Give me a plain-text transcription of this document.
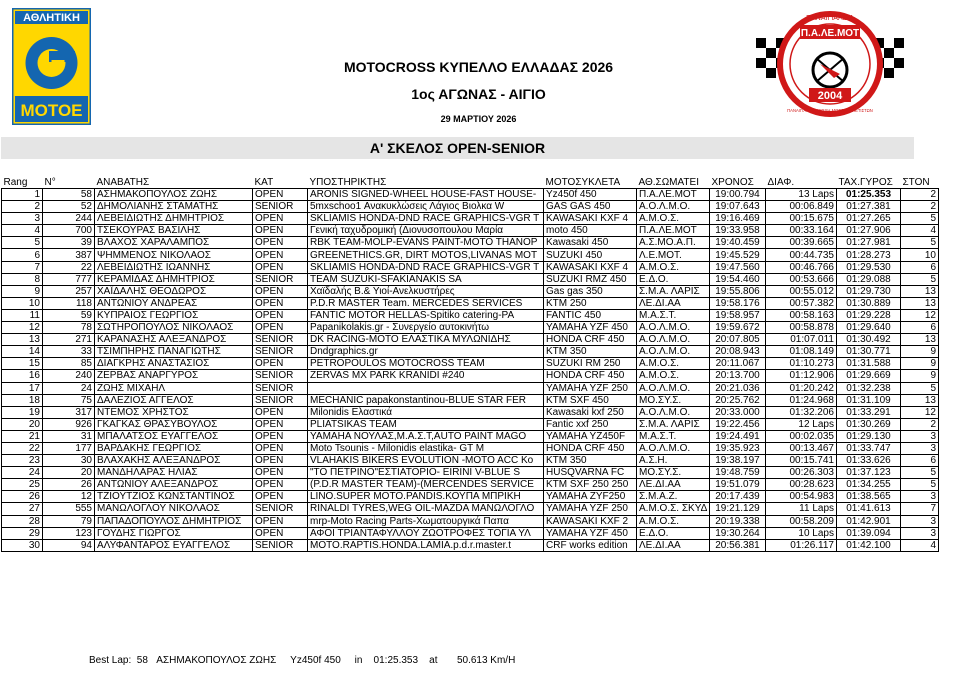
ΑΘΛΗΤΙΚΗ
MOTOE
ΠΑΝΑΙΓΙΑΛΕΙΑ
Π.Α.ΛΕ.ΜΟΤ
2004
ΠΑΝΑΙΓΙΑΛΕΙΑ ΛΕΣΧΗ ΜΟΤΟΣΥΚΛΕΤΙΣΤΩΝ
MOTOCROSS ΚΥΠΕΛΛΟ ΕΛΛΑΔΑΣ 2026
1ος ΑΓΩΝΑΣ - ΑΙΓΙΟ
29 ΜΑΡΤΙΟΥ 2026
Α' ΣΚΕΛΟΣ OPEN-SENIOR
Rang	N°	ΑΝΑΒΑΤΗΣ	ΚΑΤ	ΥΠΟΣΤΗΡΙΚΤΗΣ	ΜΟΤΟΣΥΚΛΕΤΑ	ΑΘ.ΣΩΜΑΤΕΙ	ΧΡΟΝΟΣ	ΔΙΑΦ.	ΤΑΧ.ΓΥΡΟΣ	ΣΤΟΝ
1	58	ΑΣΗΜΑΚΟΠΟΥΛΟΣ ΖΩΗΣ	OPEN	ARONIS SIGNED-WHEEL HOUSE-FAST HOUSE-	Yz450f 450	Π.Α.ΛΕ.ΜΟΤ	19:00.794	13 Laps	01:25.353	2
2	52	ΔΗΜΟΛΙΑΝΗΣ ΣΤΑΜΑΤΗΣ	SENIOR	5mxschoo1 Ανακυκλώσεις Λάγιος Βιολκα W	GAS GAS 450	Α.Ο.Λ.Μ.Ο.	19:07.643	00:06.849	01:27.381	2
3	244	ΛΕΒΕΙΔΙΩΤΗΣ ΔΗΜΗΤΡΙΟΣ	OPEN	SKLIAMIS HONDA-DND RACE GRAPHICS-VGR T	KAWASAKI KXF 4	Α.Μ.Ο.Σ.	19:16.469	00:15.675	01:27.265	5
4	700	ΤΣΕΚΟΥΡΑΣ ΒΑΣΙΛΗΣ	OPEN	Γενική ταχυδρομική (Διονυσοπουλου Μαρία	moto 450	Π.Α.ΛΕ.ΜΟΤ	19:33.958	00:33.164	01:27.906	4
5	39	ΒΛΑΧΟΣ ΧΑΡΑΛΑΜΠΟΣ	OPEN	RBK TEAM-MOLP-EVANS PAINT-MOTO THANOP	Kawasaki 450	Α.Σ.ΜΟ.Α.Π.	19:40.459	00:39.665	01:27.981	5
6	387	ΨΗΜΜΕΝΟΣ ΝΙΚΟΛΑΟΣ	OPEN	GREENETHICS.GR, DIRT MOTOS,LIVANAS MOT	SUZUKI 450	Λ.Ε.ΜΟΤ.	19:45.529	00:44.735	01:28.273	10
7	22	ΛΕΒΕΙΔΙΩΤΗΣ ΙΩΑΝΝΗΣ	OPEN	SKLIAMIS HONDA-DND RACE GRAPHICS-VGR T	KAWASAKI KXF 4	Α.Μ.Ο.Σ.	19:47.560	00:46.766	01:29.530	6
8	777	ΚΕΡΑΜΙΔΑΣ ΔΗΜΗΤΡΙΟΣ	SENIOR	TEAM SUZUKI-SFAKIANAKIS SA	SUZUKI RMZ 450	Ε.Δ.Ο.	19:54.460	00:53.666	01:29.088	5
9	257	ΧΑΪΔΑΛΗΣ ΘΕΟΔΩΡΟΣ	OPEN	Χαϊδαλής Β.& Υιοί-Ανελκυστήρες	Gas gas 350	Σ.Μ.Α. ΛΑΡΙΣ	19:55.806	00:55.012	01:29.730	13
10	118	ΑΝΤΩΝΙΟΥ ΑΝΔΡΕΑΣ	OPEN	P.D.R MASTER Team. MERCEDES SERVICES	KTM 250	ΛΕ.ΔΙ.ΑΑ	19:58.176	00:57.382	01:30.889	13
11	59	ΚΥΠΡΑΙΟΣ ΓΕΩΡΓΙΟΣ	OPEN	FANTIC MOTOR HELLAS-Spitiko catering-PA	FANTIC 450	Μ.Α.Σ.Τ.	19:58.957	00:58.163	01:29.228	12
12	78	ΣΩΤΗΡΟΠΟΥΛΟΣ ΝΙΚΟΛΑΟΣ	OPEN	Papanikolakis.gr - Συνεργείο αυτοκινήτω	YAMAHA YZF 450	Α.Ο.Λ.Μ.Ο.	19:59.672	00:58.878	01:29.640	6
13	271	ΚΑΡΑΝΑΣΗΣ ΑΛΕΞΑΝΔΡΟΣ	SENIOR	DK RACING-ΜΟΤΟ ΕΛΑΣΤΙΚΑ ΜΥΛΩΝΙΔΗΣ	HONDA CRF 450	Α.Ο.Λ.Μ.Ο.	20:07.805	01:07.011	01:30.492	13
14	33	ΤΣΙΜΠΗΡΗΣ ΠΑΝΑΓΙΩΤΗΣ	SENIOR	Dndgraphics.gr	KTM 350	Α.Ο.Λ.Μ.Ο.	20:08.943	01:08.149	01:30.771	9
15	85	ΔΙΑΓΚΡΗΣ ΑΝΑΣΤΑΣΙΟΣ	OPEN	PETROPOULOS MOTOCROSS TEAM	SUZUKI RM 250	Α.Μ.Ο.Σ.	20:11.067	01:10.273	01:31.588	9
16	240	ΖΕΡΒΑΣ ΑΝΑΡΓΥΡΟΣ	SENIOR	ZERVAS MX PARK KRANIDI #240	HONDA CRF 450	Α.Μ.Ο.Σ.	20:13.700	01:12.906	01:29.669	9
17	24	ΖΩΗΣ ΜΙΧΑΗΛ	SENIOR		YAMAHA YZF 250	Α.Ο.Λ.Μ.Ο.	20:21.036	01:20.242	01:32.238	5
18	75	ΔΑΛΕΖΙΟΣ ΑΓΓΕΛΟΣ	SENIOR	MECHANIC papakonstantinou-BLUE STAR FER	KTM SXF 450	ΜΟ.ΣΥ.Σ.	20:25.762	01:24.968	01:31.109	13
19	317	ΝΤΕΜΟΣ ΧΡΗΣΤΟΣ	OPEN	Milonidis Ελαστικά	Kawasaki kxf 250	Α.Ο.Λ.Μ.Ο.	20:33.000	01:32.206	01:33.291	12
20	926	ΓΚΑΓΚΑΣ ΘΡΑΣΥΒΟΥΛΟΣ	OPEN	PLIATSIKAS TEAM	Fantic xxf 250	Σ.Μ.Α. ΛΑΡΙΣ	19:22.456	12 Laps	01:30.269	2
21	31	ΜΠΑΛΑΤΣΟΣ ΕΥΑΓΓΕΛΟΣ	OPEN	YAMAHA ΝΟΥΛΑΣ,Μ.Α.Σ.Τ,AUTO PAINT MAGO	YAMAHA YZ450F	Μ.Α.Σ.Τ.	19:24.491	00:02.035	01:29.130	3
22	177	ΒΑΡΔΑΚΗΣ ΓΕΩΡΓΙΟΣ	OPEN	Moto Tsounis - Milonidis elastika- GT M	HONDA CRF 450	Α.Ο.Λ.Μ.Ο.	19:35.923	00:13.467	01:33.747	3
23	30	ΒΛΑΧΑΚΗΣ ΑΛΕΞΑΝΔΡΟΣ	OPEN	VLAHAKIS BIKERS EVOLUTION -MOTO ACC Ko	KTM 350	Α.Σ.Η.	19:38.197	00:15.741	01:33.626	6
24	20	ΜΑΝΔΗΛΑΡΑΣ ΗΛΙΑΣ	OPEN	"ΤΟ ΠΕΤΡΙΝΟ"ΕΣΤΙΑΤΟΡΙΟ- EIRINI V-BLUE S	HUSQVARNA FC	ΜΟ.ΣΥ.Σ.	19:48.759	00:26.303	01:37.123	5
25	26	ΑΝΤΩΝΙΟΥ ΑΛΕΞΑΝΔΡΟΣ	OPEN	(P.D.R MASTER TEAM)-(MERCENDES SERVICE	KTM SXF 250 250	ΛΕ.ΔΙ.ΑΑ	19:51.079	00:28.623	01:34.255	5
26	12	ΤΖΙΟΥΤΖΙΟΣ ΚΩΝΣΤΑΝΤΙΝΟΣ	OPEN	LINO.SUPER MOTO.PANDIS.ΚΟΥΠΑ ΜΠΡΙΚΗ	YAMAHA ZYF250	Σ.Μ.Α.Ζ.	20:17.439	00:54.983	01:38.565	3
27	555	ΜΑΝΩΛΟΓΛΟΥ ΝΙΚΟΛΑΟΣ	SENIOR	RINALDI TYRES,WEG OIL-MAZDA ΜΑΝΩΛΟΓΛΟ	YAMAHA YZF 250	Α.Μ.Ο.Σ. ΣΚΥΔ	19:21.129	11 Laps	01:41.613	7
28	79	ΠΑΠΑΔΟΠΟΥΛΟΣ ΔΗΜΗΤΡΙΟΣ	OPEN	mrp-Moto Racing Parts-Χωματουργικά Παπα	KAWASAKI KXF 2	Α.Μ.Ο.Σ.	20:19.338	00:58.209	01:42.901	3
29	123	ΓΟΥΔΗΣ ΓΙΩΡΓΟΣ	OPEN	ΑΦΟΙ ΤΡΙΑΝΤΑΦΥΛΛΟΥ ΖΩΟΤΡΟΦΕΣ ΤΟΓΙΑ ΥΛ	YAMAHA YZF 450	Ε.Δ.Ο.	19:30.264	10 Laps	01:39.094	3
30	94	ΑΛΥΦΑΝΤΑΡΟΣ ΕΥΑΓΓΕΛΟΣ	SENIOR	MOTO.RAPTIS.HONDA.LAMIA.p.d.r.master.t	CRF works edition	ΛΕ.ΔΙ.ΑΑ	20:56.381	01:26.117	01:42.100	4
Best Lap:  58   ΑΣΗΜΑΚΟΠΟΥΛΟΣ ΖΩΗΣ     Yz450f 450     in    01:25.353    at       50.613 Km/H
